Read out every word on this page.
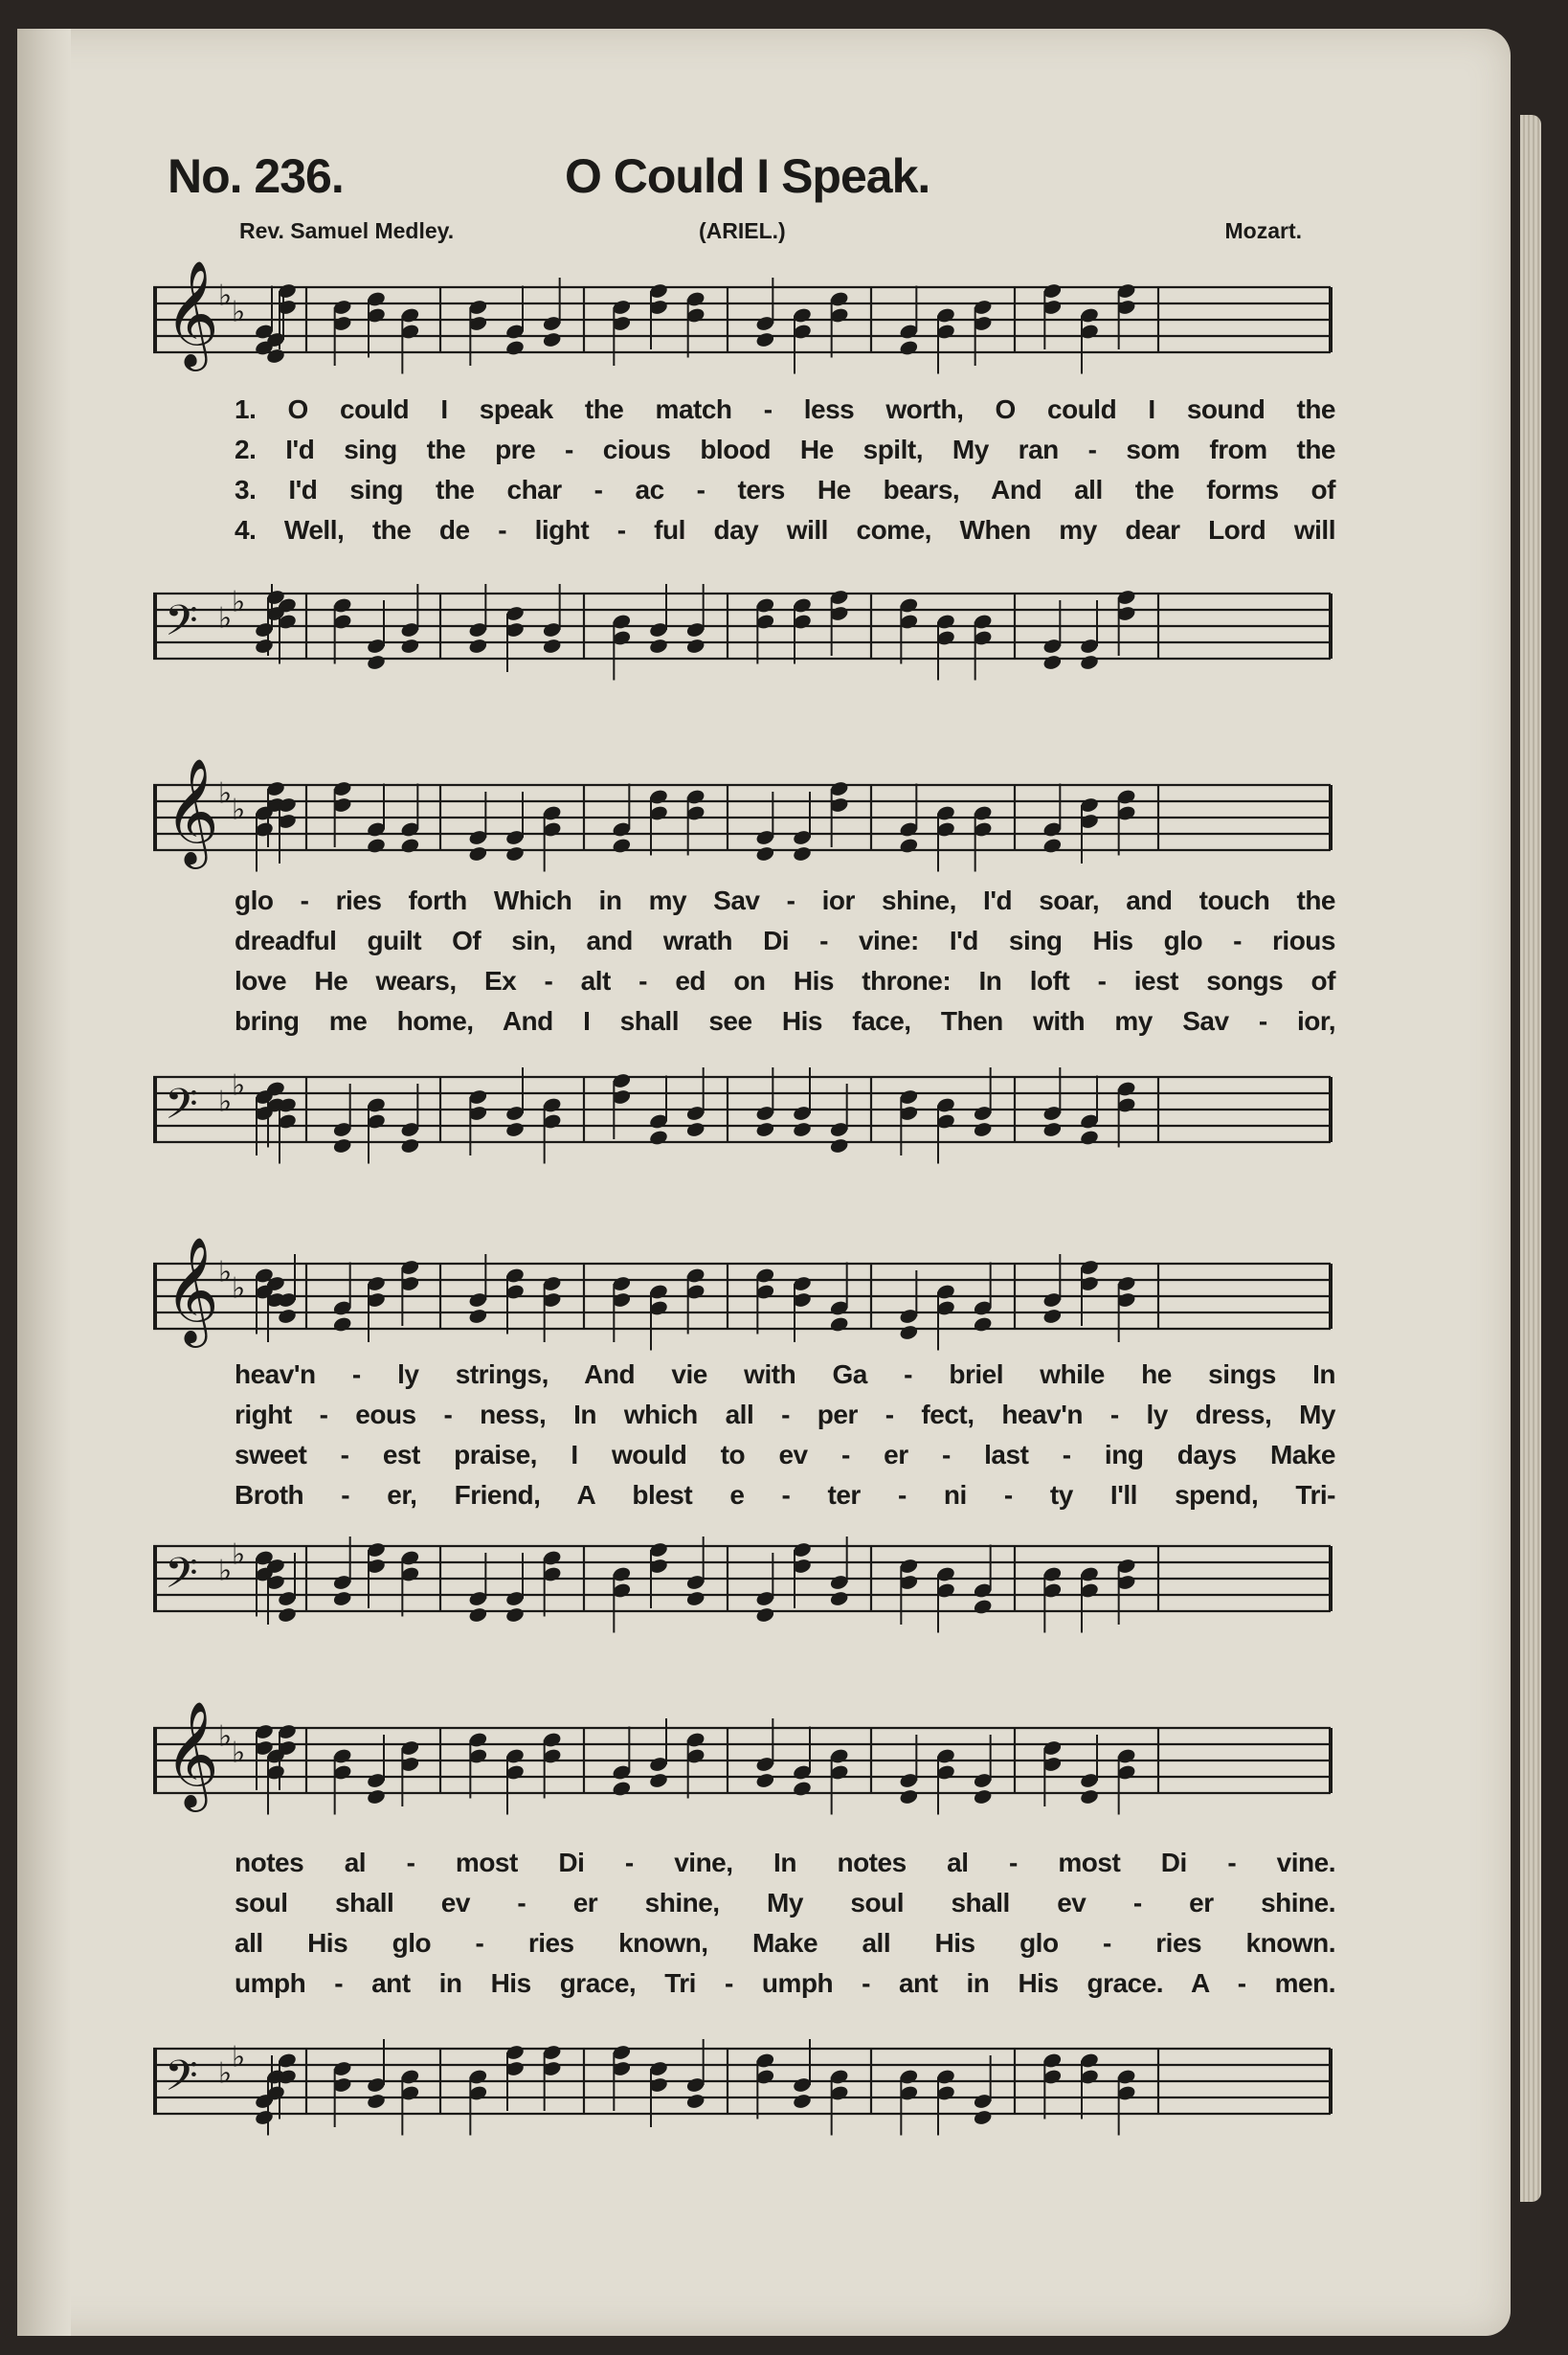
No. 236.	O Could I Speak.
Rev. Samuel Medley.	(ARIEL.)	Mozart.
𝄞 ♭ ♭
1. O could I speak the match - less worth, O could I sound the
2. I'd sing the pre - cious blood He spilt, My ran - som from the
3. I'd sing the char - ac - ters He bears, And all the forms of
4. Well, the de - light - ful day will come, When my dear Lord will
𝄢 ♭ ♭
𝄞 ♭ ♭
glo - ries forth Which in my Sav - ior shine, I'd soar, and touch the
dreadful guilt Of sin, and wrath Di - vine: I'd sing His glo - rious
love He wears, Ex - alt - ed on His throne: In loft - iest songs of
bring me home, And I shall see His face, Then with my Sav - ior,
𝄢 ♭ ♭
𝄞 ♭ ♭
heav'n - ly strings, And vie with Ga - briel while he sings In
right - eous - ness, In which all - per - fect, heav'n - ly dress, My
sweet - est praise, I would to ev - er - last - ing days Make
Broth - er, Friend, A blest e - ter - ni - ty I'll spend, Tri-
𝄢 ♭ ♭
𝄞 ♭ ♭
notes al - most Di - vine, In notes al - most Di - vine.
soul shall ev - er shine, My soul shall ev - er shine.
all His glo - ries known, Make all His glo - ries known.
umph - ant in His grace, Tri - umph - ant in His grace. A - men.
𝄢 ♭ ♭
